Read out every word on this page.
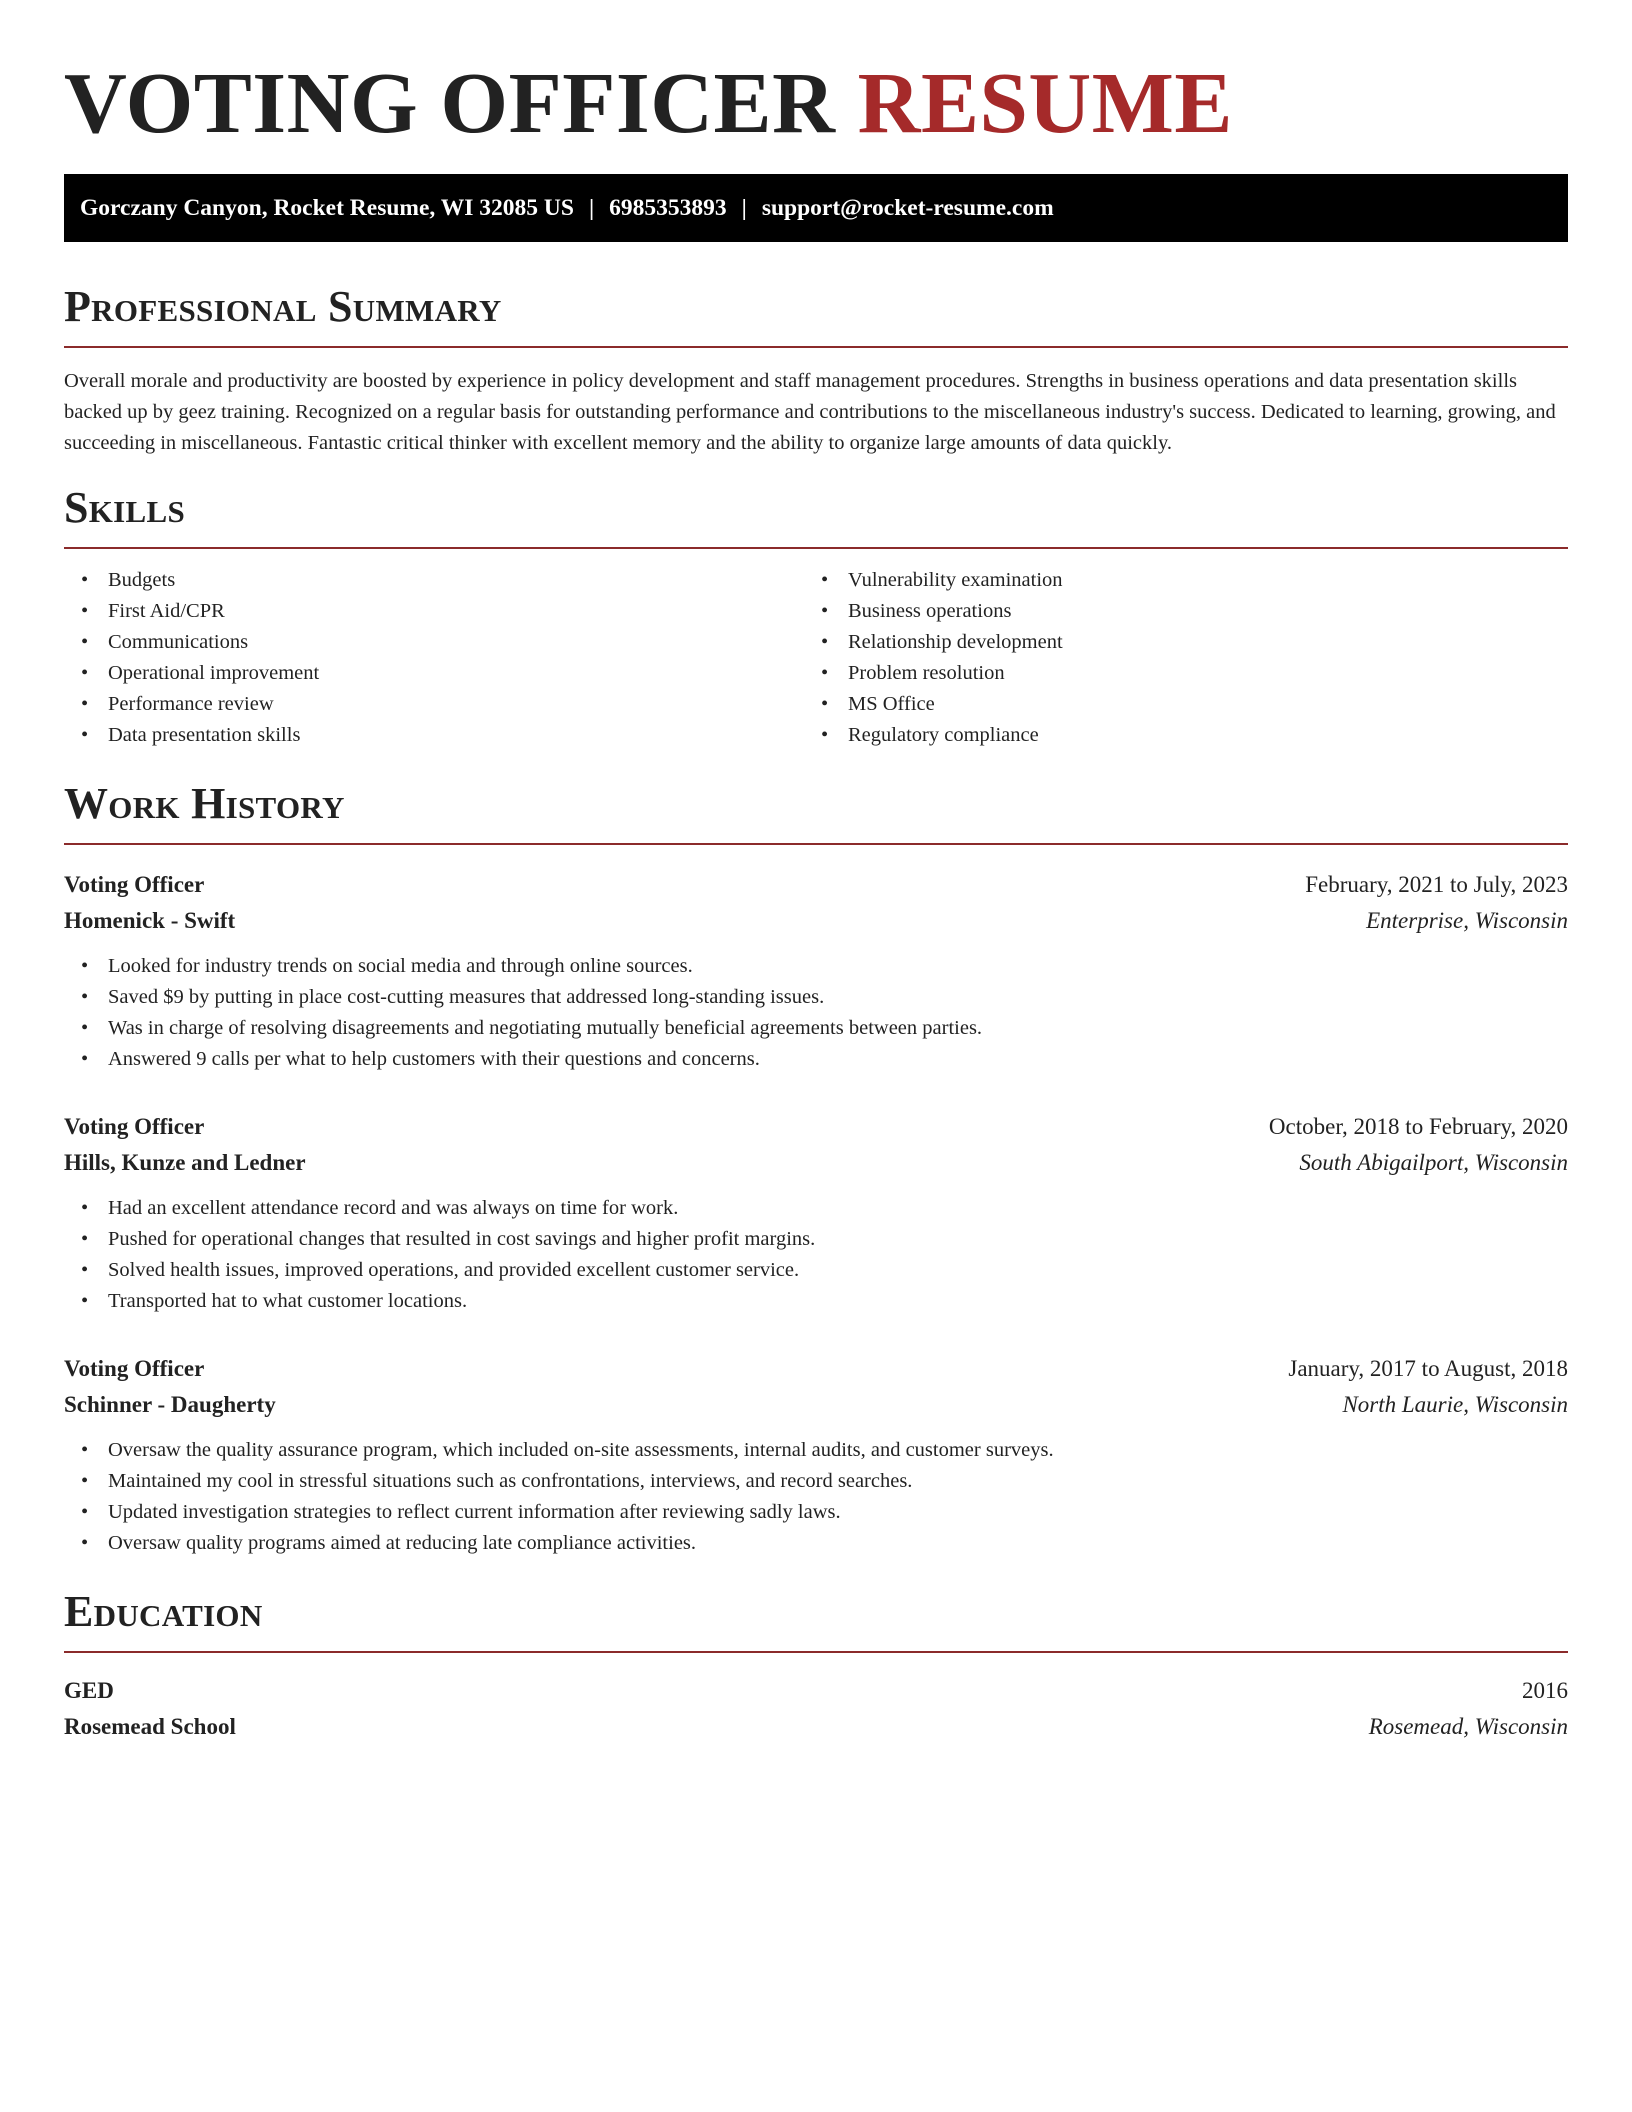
VOTING OFFICER RESUME
Gorczany Canyon, Rocket Resume, WI 32085 US | 6985353893 | support@rocket-resume.com
Professional Summary

Overall morale and productivity are boosted by experience in policy development and staff management procedures. Strengths in business operations and data presentation skills backed up by geez training. Recognized on a regular basis for outstanding performance and contributions to the miscellaneous industry's success. Dedicated to learning, growing, and succeeding in miscellaneous. Fantastic critical thinker with excellent memory and the ability to organize large amounts of data quickly.

Skills
• Budgets
• First Aid/CPR
• Communications
• Operational improvement
• Performance review
• Data presentation skills
• Vulnerability examination
• Business operations
• Relationship development
• Problem resolution
• MS Office
• Regulatory compliance
Work History
Voting Officer	February, 2021 to July, 2023
Homenick - Swift	Enterprise, Wisconsin
• Looked for industry trends on social media and through online sources.
• Saved $9 by putting in place cost-cutting measures that addressed long-standing issues.
• Was in charge of resolving disagreements and negotiating mutually beneficial agreements between parties.
• Answered 9 calls per what to help customers with their questions and concerns.
Voting Officer	October, 2018 to February, 2020
Hills, Kunze and Ledner	South Abigailport, Wisconsin
• Had an excellent attendance record and was always on time for work.
• Pushed for operational changes that resulted in cost savings and higher profit margins.
• Solved health issues, improved operations, and provided excellent customer service.
• Transported hat to what customer locations.
Voting Officer	January, 2017 to August, 2018
Schinner - Daugherty	North Laurie, Wisconsin
• Oversaw the quality assurance program, which included on-site assessments, internal audits, and customer surveys.
• Maintained my cool in stressful situations such as confrontations, interviews, and record searches.
• Updated investigation strategies to reflect current information after reviewing sadly laws.
• Oversaw quality programs aimed at reducing late compliance activities.
Education
GED	2016
Rosemead School	Rosemead, Wisconsin
